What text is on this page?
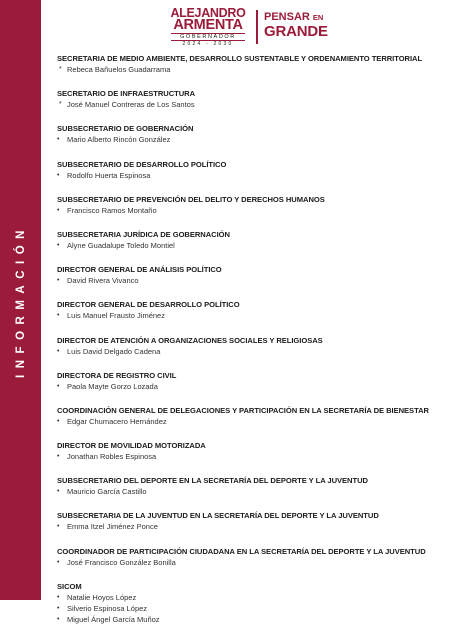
INFORMACIÓN
ALEJANDRO
ARMENTA
GOBERNADOR
2024 - 2030
PENSAR EN
GRANDE
SECRETARIA DE MEDIO AMBIENTE, DESARROLLO SUSTENTABLE Y ORDENAMIENTO TERRITORIAL
* Rebeca Bañuelos Guadarrama
SECRETARIO DE INFRAESTRUCTURA
* José Manuel Contreras de Los Santos
SUBSECRETARIO DE GOBERNACIÓN
•	Mario Alberto Rincón González
SUBSECRETARIO DE DESARROLLO POLÍTICO
•	Rodolfo Huerta Espinosa
SUBSECRETARIO DE PREVENCIÓN DEL DELITO Y DERECHOS HUMANOS
•	Francisco Ramos Montaño
SUBSECRETARIA JURÍDICA DE GOBERNACIÓN
•	Alyne Guadalupe Toledo Montiel
DIRECTOR GENERAL DE ANÁLISIS POLÍTICO
•	David Rivera Vivanco
DIRECTOR GENERAL DE DESARROLLO POLÍTICO
•	Luis Manuel Frausto Jiménez
DIRECTOR DE ATENCIÓN A ORGANIZACIONES SOCIALES Y RELIGIOSAS
•	Luis David Delgado Cadena
DIRECTORA DE REGISTRO CIVIL
•	Paola Mayte Gorzo Lozada
COORDINACIÓN GENERAL DE DELEGACIONES Y PARTICIPACIÓN EN LA SECRETARÍA DE BIENESTAR
•	Edgar Chumacero Hernández
DIRECTOR DE MOVILIDAD MOTORIZADA
•	Jonathan Robles Espinosa
SUBSECRETARIO DEL DEPORTE EN LA SECRETARÍA DEL DEPORTE Y LA JUVENTUD
•	Mauricio García Castillo
SUBSECRETARIA DE LA JUVENTUD EN LA SECRETARÍA DEL DEPORTE Y LA JUVENTUD
•	Emma Itzel Jiménez Ponce
COORDINADOR DE PARTICIPACIÓN CIUDADANA EN LA SECRETARÍA DEL DEPORTE Y LA JUVENTUD
•	José Francisco González Bonilla
SICOM
•	Natalie Hoyos López
•	Silverio Espinosa López
•	Miguel Ángel García Muñoz
